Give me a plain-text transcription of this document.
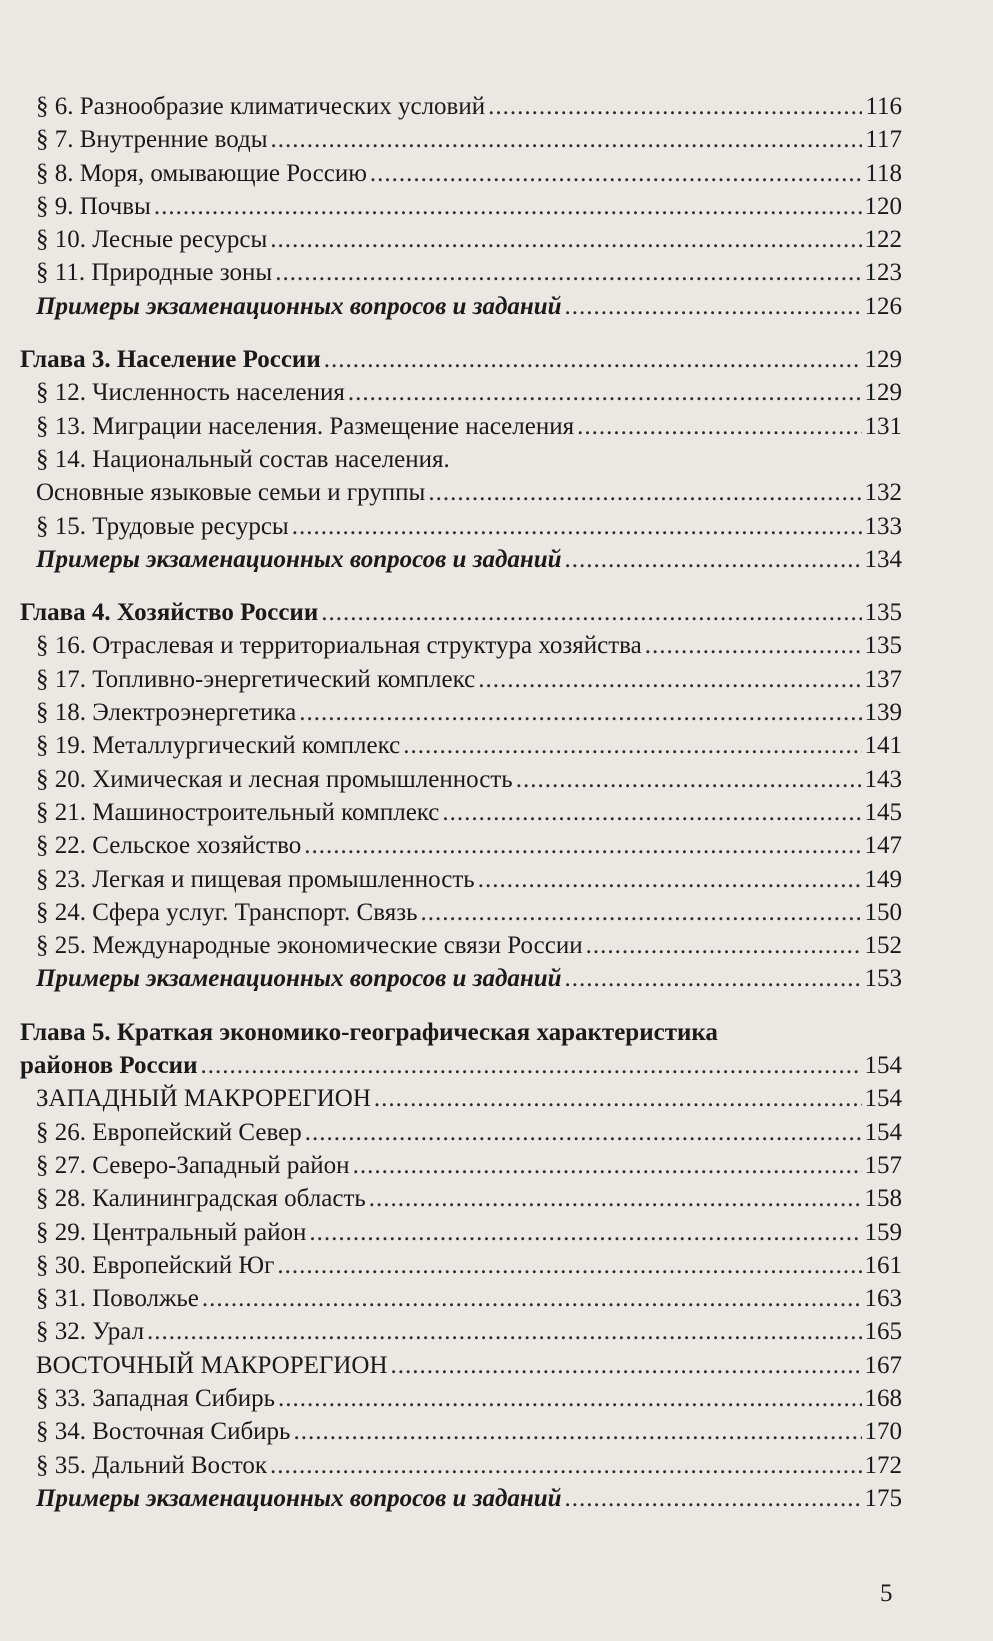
§ 6. Разнообразие климатических условий .....	116
§ 7. Внутренние воды .....	117
§ 8. Моря, омывающие Россию .....	118
§ 9. Почвы .....	120
§ 10. Лесные ресурсы .....	122
§ 11. Природные зоны .....	123
Примеры экзаменационных вопросов и заданий .....	126
Глава 3. Население России .....	129
§ 12. Численность населения .....	129
§ 13. Миграции населения. Размещение населения .....	131
§ 14. Национальный состав населения.
Основные языковые семьи и группы .....	132
§ 15. Трудовые ресурсы .....	133
Примеры экзаменационных вопросов и заданий .....	134
Глава 4. Хозяйство России .....	135
§ 16. Отраслевая и территориальная структура хозяйства .....	135
§ 17. Топливно-энергетический комплекс .....	137
§ 18. Электроэнергетика .....	139
§ 19. Металлургический комплекс .....	141
§ 20. Химическая и лесная промышленность .....	143
§ 21. Машиностроительный комплекс .....	145
§ 22. Сельское хозяйство .....	147
§ 23. Легкая и пищевая промышленность .....	149
§ 24. Сфера услуг. Транспорт. Связь .....	150
§ 25. Международные экономические связи России .....	152
Примеры экзаменационных вопросов и заданий .....	153
Глава 5. Краткая экономико-географическая характеристика
районов России .....	154
ЗАПАДНЫЙ МАКРОРЕГИОН .....	154
§ 26. Европейский Север .....	154
§ 27. Северо-Западный район .....	157
§ 28. Калининградская область .....	158
§ 29. Центральный район .....	159
§ 30. Европейский Юг .....	161
§ 31. Поволжье .....	163
§ 32. Урал .....	165
ВОСТОЧНЫЙ МАКРОРЕГИОН .....	167
§ 33. Западная Сибирь .....	168
§ 34. Восточная Сибирь .....	170
§ 35. Дальний Восток .....	172
Примеры экзаменационных вопросов и заданий .....	175
5
